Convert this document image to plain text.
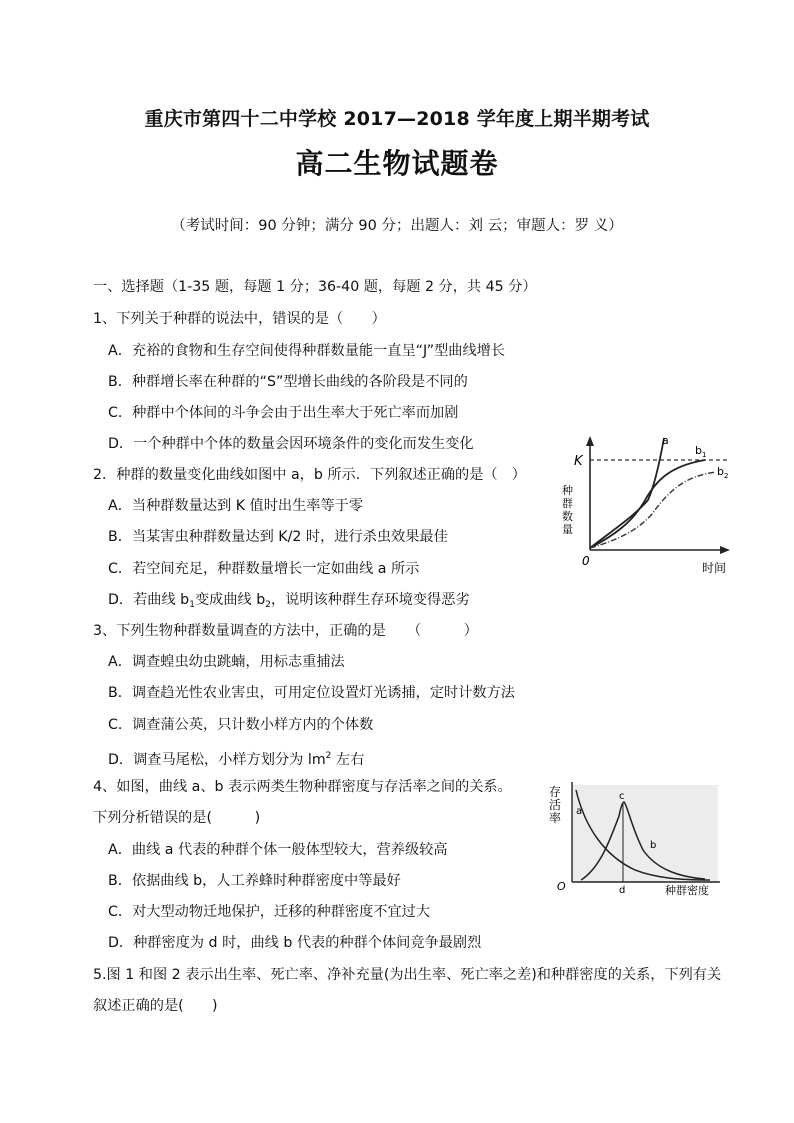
重庆市第四十二中学校 2017—2018 学年度上期半期考试
高二生物试题卷
（考试时间：90 分钟；满分 90 分；出题人：刘 云；审题人：罗 义）
一、选择题（1-35 题，每题 1 分；36-40 题，每题 2 分，共 45 分）
1、下列关于种群的说法中，错误的是（　　）
A．充裕的食物和生存空间使得种群数量能一直呈“J”型曲线增长
B．种群增长率在种群的“S”型增长曲线的各阶段是不同的
C．种群中个体间的斗争会由于出生率大于死亡率而加剧
D．一个种群中个体的数量会因环境条件的变化而发生变化
2．种群的数量变化曲线如图中 a，b 所示．下列叙述正确的是（　）
A．当种群数量达到 K 值时出生率等于零
B．当某害虫种群数量达到 K/2 时，进行杀虫效果最佳
C．若空间充足，种群数量增长一定如曲线 a 所示
D．若曲线 $b_1$变成曲线 $b_2$，说明该种群生存环境变得恶劣
K
种
群
数
量
0	时间
a
$b_1$
$b_2$
3、下列生物种群数量调查的方法中，正确的是　　（　　　）
A．调查蝗虫幼虫跳蝻，用标志重捕法
B．调查趋光性农业害虫，可用定位设置灯光诱捕，定时计数方法
C．调查蒲公英，只计数小样方内的个体数
D．调查马尾松，小样方划分为 $lm^2$ 左右
4、如图，曲线 a、b 表示两类生物种群密度与存活率之间的关系。
下列分析错误的是(　　　)
A．曲线 a 代表的种群个体一般体型较大，营养级较高
B．依据曲线 b，人工养蜂时种群密度中等最好
C．对大型动物迁地保护，迁移的种群密度不宜过大
D．种群密度为 d 时，曲线 b 代表的种群个体间竞争最剧烈
存
活
率
O	种群密度
a
b
c
d
5.图 1 和图 2 表示出生率、死亡率、净补充量(为出生率、死亡率之差)和种群密度的关系，下列有关
叙述正确的是(　　)
